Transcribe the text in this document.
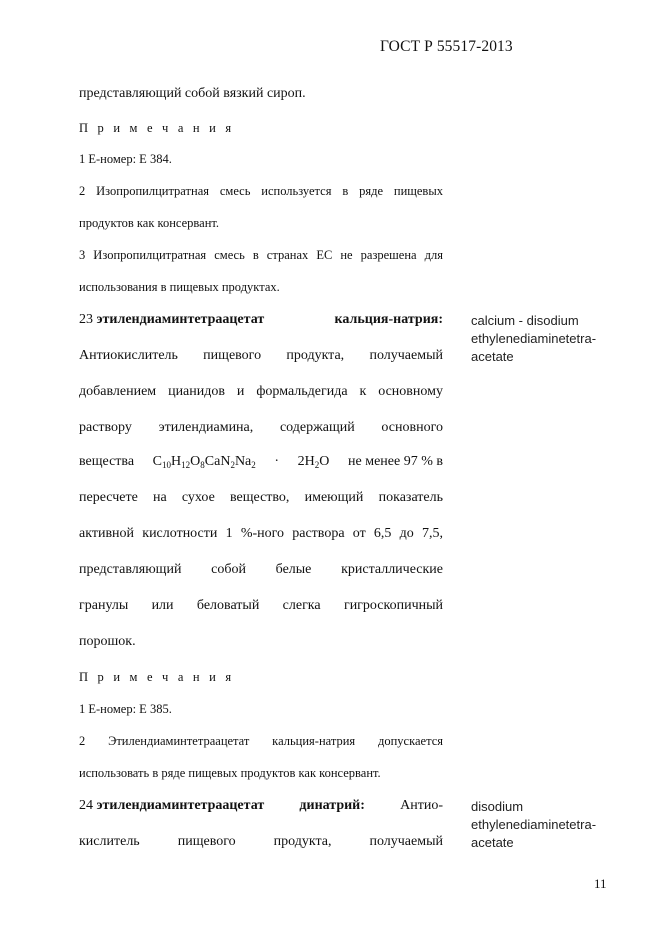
ГОСТ Р 55517-2013
представляющий собой вязкий сироп.
П р и м е ч а н и я
1 Е-номер: Е 384.
2 Изопропилцитратная смесь используется в ряде пищевых
продуктов как консервант.
3 Изопропилцитратная смесь в странах ЕС не разрешена для
использования в пищевых продуктах.
23 этилендиаминтетраацетат	кальция-натрия: calcium - disodium
ethylenediaminetetra-
acetate
Антиокислитель пищевого продукта, получаемый
добавлением цианидов и формальдегида к основному
раствору этилендиамина, содержащий основного
вещества $C_{10}H_{12}O_8CaN_2Na_2 \cdot 2H_2O$ не менее 97 % в
пересчете на сухое вещество, имеющий показатель
активной кислотности 1 %-ного раствора от 6,5 до 7,5,
представляющий собой белые кристаллические
гранулы или беловатый слегка гигроскопичный
порошок.
П р и м е ч а н и я
1 Е-номер: Е 385.
2 Этилендиаминтетраацетат кальция-натрия допускается
использовать в ряде пищевых продуктов как консервант.
24 этилендиаминтетраацетат	динатрий:	Антио- disodium
ethylenediaminetetra-
acetate
кислитель пищевого продукта, получаемый
11
